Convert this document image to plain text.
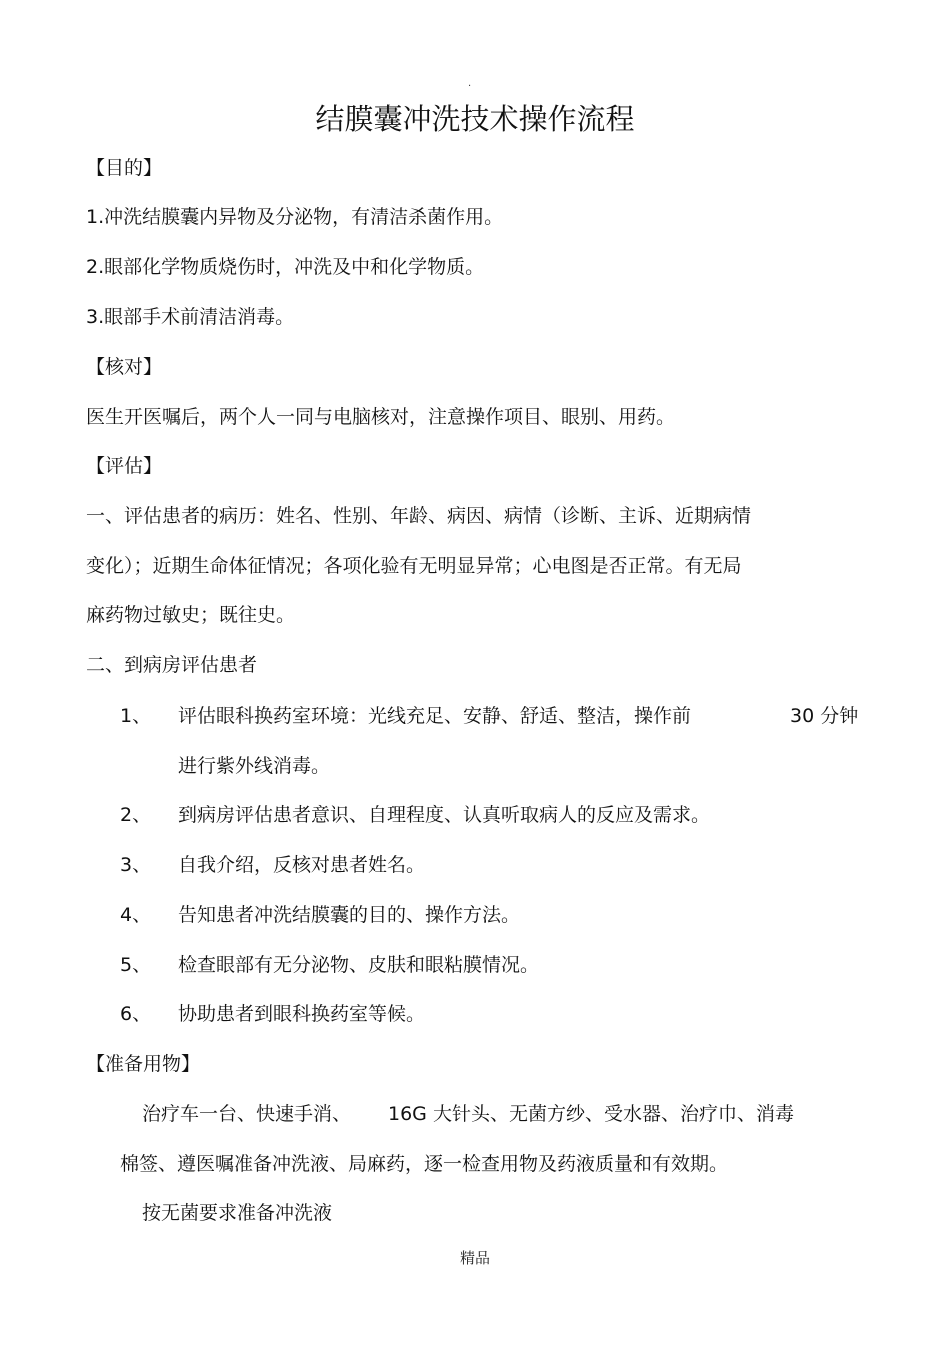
.
结膜囊冲洗技术操作流程
【目的】
1.冲洗结膜囊内异物及分泌物，有清洁杀菌作用。
2.眼部化学物质烧伤时，冲洗及中和化学物质。
3.眼部手术前清洁消毒。
【核对】
医生开医嘱后，两个人一同与电脑核对，注意操作项目、眼别、用药。
【评估】
一、评估患者的病历：姓名、性别、年龄、病因、病情（诊断、主诉、近期病情
变化）；近期生命体征情况；各项化验有无明显异常；心电图是否正常。有无局
麻药物过敏史；既往史。
二、到病房评估患者
1、 评估眼科换药室环境：光线充足、安静、舒适、整洁，操作前	30 分钟
进行紫外线消毒。
2、 到病房评估患者意识、自理程度、认真听取病人的反应及需求。
3、 自我介绍，反核对患者姓名。
4、 告知患者冲洗结膜囊的目的、操作方法。
5、 检查眼部有无分泌物、皮肤和眼粘膜情况。
6、 协助患者到眼科换药室等候。
【准备用物】
治疗车一台、快速手消、 16G 大针头、无菌方纱、受水器、治疗巾、消毒
棉签、遵医嘱准备冲洗液、局麻药，逐一检查用物及药液质量和有效期。
按无菌要求准备冲洗液
精品
